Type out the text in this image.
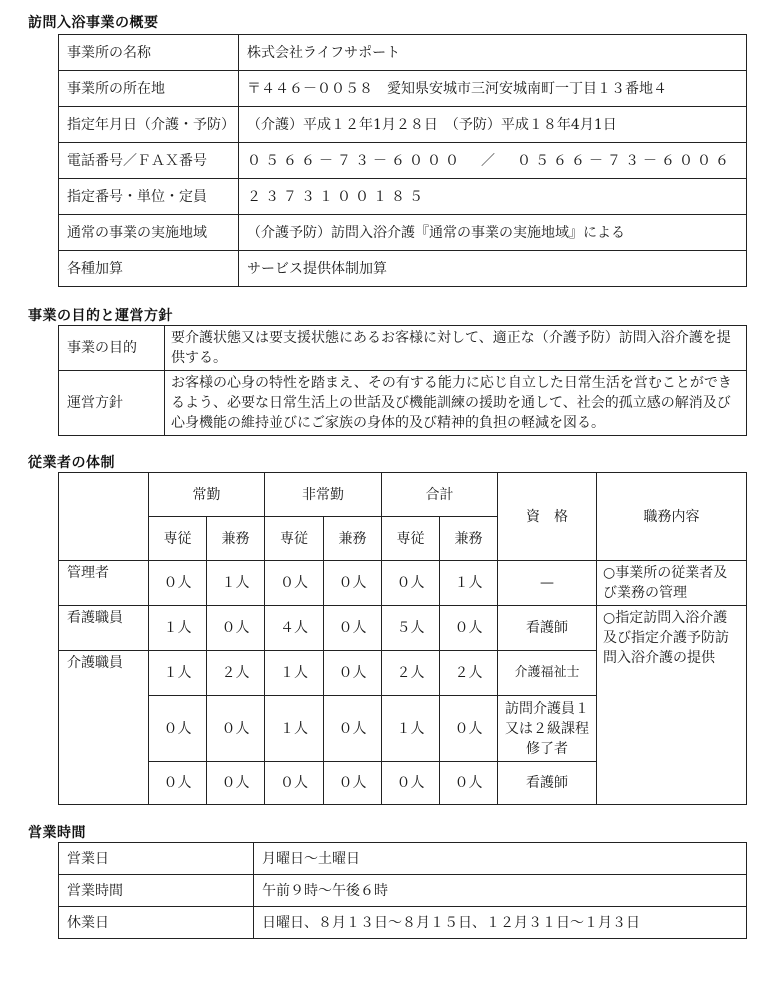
訪問入浴事業の概要
事業所の名称	株式会社ライフサポート
事業所の所在地	〒４４６－００５８　愛知県安城市三河安城南町一丁目１３番地４
指定年月日（介護・予防）	（介護）平成１２年1月２８日　（予防）平成１８年4月1日
電話番号／ＦＡＸ番号	０５６６－７３－６０００　／　０５６６－７３－６００６
指定番号・単位・定員	２３７３１００１８５
通常の事業の実施地域	（介護予防）訪問入浴介護『通常の事業の実施地域』による
各種加算	サービス提供体制加算
事業の目的と運営方針
事業の目的	要介護状態又は要支援状態にあるお客様に対して、適正な（介護予防）訪問入浴介護を提供する。
運営方針	お客様の心身の特性を踏まえ、その有する能力に応じ自立した日常生活を営むことができるよう、必要な日常生活上の世話及び機能訓練の援助を通して、社会的孤立感の解消及び心身機能の維持並びにご家族の身体的及び精神的負担の軽減を図る。
従業者の体制
	常勤		非常勤		合計		資　格	職務内容
	専従	兼務	専従	兼務	専従	兼務		
管理者	０人	１人	０人	０人	０人	１人	—	○事業所の従業者及び業務の管理
看護職員	１人	０人	４人	０人	５人	０人	看護師	○指定訪問入浴介護及び指定介護予防訪問入浴介護の提供
介護職員	１人	２人	１人	０人	２人	２人	介護福祉士	
	０人	０人	１人	０人	１人	０人	訪問介護員１又は２級課程修了者	
	０人	０人	０人	０人	０人	０人	看護師	
営業時間
営業日	月曜日～土曜日
営業時間	午前９時～午後６時
休業日	日曜日、８月１３日～８月１５日、１２月３１日～１月３日
